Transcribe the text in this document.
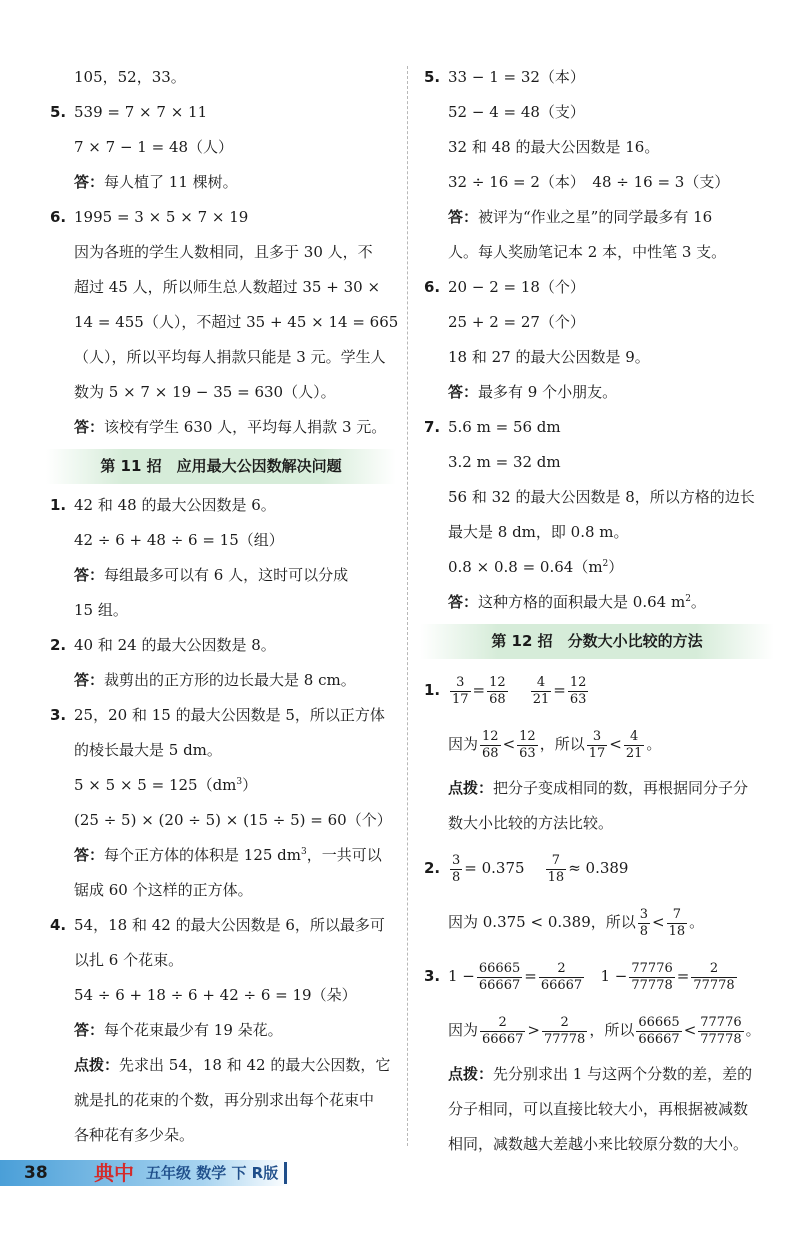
105，52，33。
5. 539 = 7 × 7 × 11
7 × 7 − 1 = 48（人）
答：每人植了 11 棵树。
6. 1995 = 3 × 5 × 7 × 19
因为各班的学生人数相同，且多于 30 人，不
超过 45 人，所以师生总人数超过 35 + 30 ×
14 = 455（人），不超过 35 + 45 × 14 = 665
（人），所以平均每人捐款只能是 3 元。学生人
数为 5 × 7 × 19 − 35 = 630（人）。
答：该校有学生 630 人，平均每人捐款 3 元。
第 11 招　应用最大公因数解决问题
1. 42 和 48 的最大公因数是 6。
42 ÷ 6 + 48 ÷ 6 = 15（组）
答：每组最多可以有 6 人，这时可以分成
15 组。
2. 40 和 24 的最大公因数是 8。
答：裁剪出的正方形的边长最大是 8 cm。
3. 25，20 和 15 的最大公因数是 5，所以正方体
的棱长最大是 5 dm。
$5 \times 5 \times 5 = 125(dm^3)$
(25 ÷ 5) × (20 ÷ 5) × (15 ÷ 5) = 60（个）
答：每个正方体的体积是 125 $dm^3$，一共可以
锯成 60 个这样的正方体。
4. 54，18 和 42 的最大公因数是 6，所以最多可
以扎 6 个花束。
54 ÷ 6 + 18 ÷ 6 + 42 ÷ 6 = 19（朵）
答：每个花束最少有 19 朵花。
点拨：先求出 54，18 和 42 的最大公因数，它
就是扎的花束的个数，再分别求出每个花束中
各种花有多少朵。
5. 33 − 1 = 32（本）
52 − 4 = 48（支）
32 和 48 的最大公因数是 16。
32 ÷ 16 = 2（本）　48 ÷ 16 = 3（支）
答：被评为“作业之星”的同学最多有 16
人。每人奖励笔记本 2 本，中性笔 3 支。
6. 20 − 2 = 18（个）
25 + 2 = 27（个）
18 和 27 的最大公因数是 9。
答：最多有 9 个小朋友。
7. 5.6 m = 56 dm
3.2 m = 32 dm
56 和 32 的最大公因数是 8，所以方格的边长
最大是 8 dm，即 0.8 m。
$0.8 \times 0.8 = 0.64(m^2)$
答：这种方格的面积最大是 0.64 $m^2$。
第 12 招　分数大小比较的方法
1. $\frac{3}{17} = \frac{12}{68}$
$\frac{4}{21} = \frac{12}{63}$
因为 $\frac{12}{68} < \frac{12}{63}$ ，所以 $\frac{3}{17} < \frac{4}{21}$ 。
点拨：把分子变成相同的数，再根据同分子分
数大小比较的方法比较。
2. $\frac{3}{8} = 0.375 \frac{7}{18} \approx 0.389$
因为 0.375 < 0.389，所以 $\frac{3}{8} < \frac{7}{18}$ 。
3. $1 - \frac{66665}{66667} = \frac{2}{66667} 1 - \frac{77776}{77778} = \frac{2}{77778}$
因为 $\frac{2}{66667} > \frac{2}{77778}$ ，所以 $\frac{66665}{66667} < \frac{77776}{77778}$ 。
点拨：先分别求出 1 与这两个分数的差，差的
分子相同，可以直接比较大小，再根据被减数
相同，减数越大差越小来比较原分数的大小。
38 典中 五年级 数学 下 R版
